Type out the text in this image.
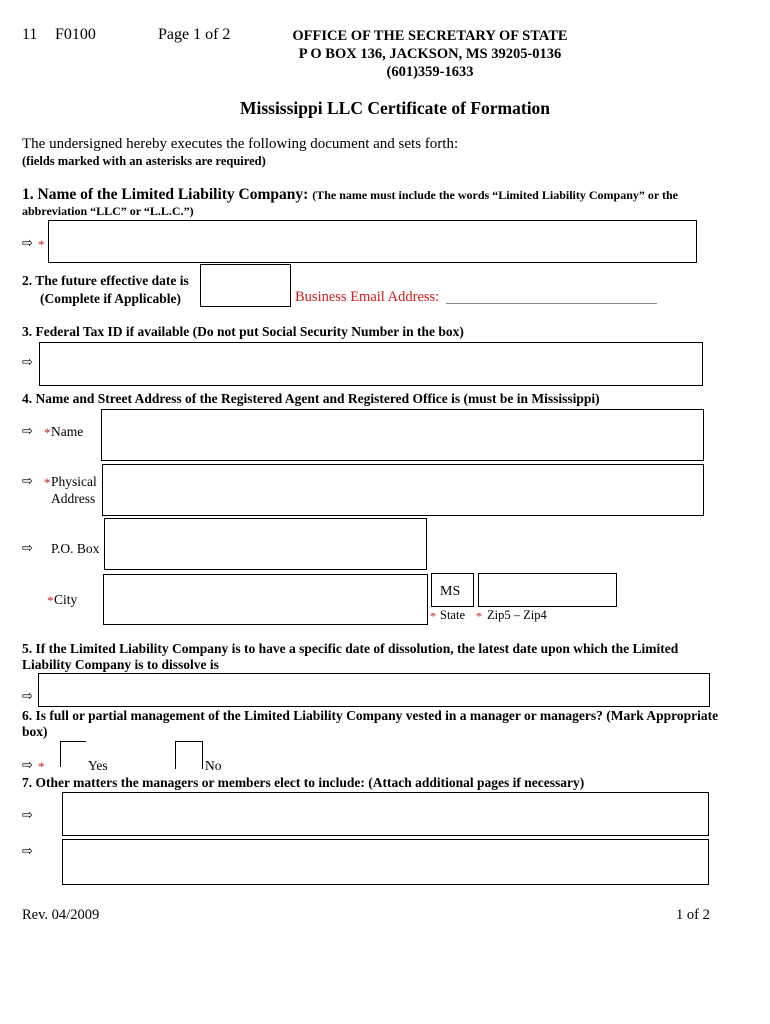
11 F0100	Page 1 of 2	OFFICE OF THE SECRETARY OF STATE
P O BOX 136, JACKSON, MS 39205-0136
(601)359-1633
Mississippi LLC Certificate of Formation
The undersigned hereby executes the following document and sets forth:
(fields marked with an asterisks are required)
1. Name of the Limited Liability Company: (The name must include the words “Limited Liability Company” or the
abbreviation “LLC” or “L.L.C.”)
⇨ *
2. The future effective date is
(Complete if Applicable)	Business Email Address:
3. Federal Tax ID if available (Do not put Social Security Number in the box)
⇨
4. Name and Street Address of the Registered Agent and Registered Office is (must be in Mississippi)
⇨ * Name
⇨ * Physical
Address
⇨ P.O. Box
* City
MS
* State * Zip5 – Zip4
5. If the Limited Liability Company is to have a specific date of dissolution, the latest date upon which the Limited
Liability Company is to dissolve is
⇨
6. Is full or partial management of the Limited Liability Company vested in a manager or managers? (Mark Appropriate
box)
⇨ *	Yes	No
7. Other matters the managers or members elect to include: (Attach additional pages if necessary)
⇨
⇨
Rev. 04/2009	1 of 2
